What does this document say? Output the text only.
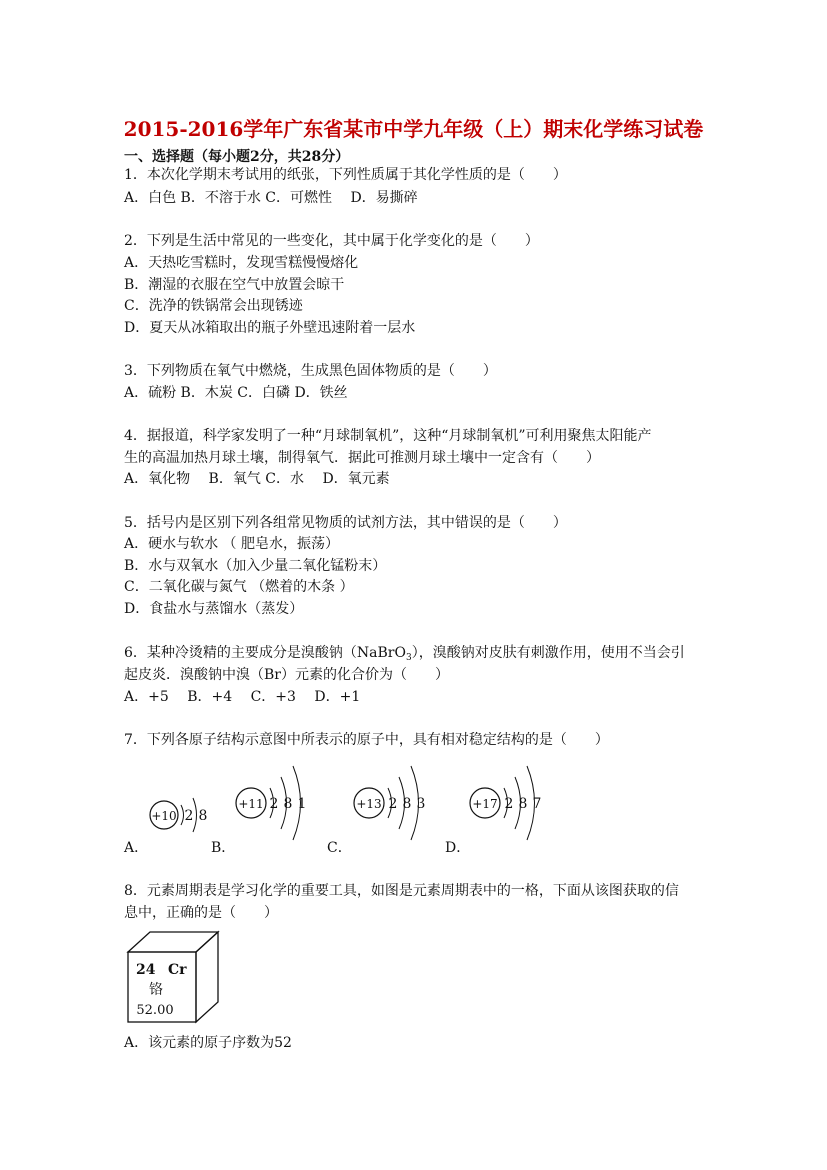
2015-2016学年广东省某市中学九年级（上）期末化学练习试卷
一、选择题（每小题2分，共28分）
1．本次化学期末考试用的纸张，下列性质属于其化学性质的是（　　）
A．白色 B．不溶于水 C．可燃性　 D．易撕碎
2．下列是生活中常见的一些变化，其中属于化学变化的是（　　）
A．天热吃雪糕时，发现雪糕慢慢熔化
B．潮湿的衣服在空气中放置会晾干
C．洗净的铁锅常会出现锈迹
D．夏天从冰箱取出的瓶子外壁迅速附着一层水
3．下列物质在氧气中燃烧，生成黑色固体物质的是（　　）
A．硫粉 B．木炭 C．白磷 D．铁丝
4．据报道，科学家发明了一种“月球制氧机”，这种“月球制氧机”可利用聚焦太阳能产
生的高温加热月球土壤，制得氧气．据此可推测月球土壤中一定含有（　　）
A．氧化物　 B．氧气 C．水　 D．氧元素
5．括号内是区别下列各组常见物质的试剂方法，其中错误的是（　　）
A．硬水与软水 （ 肥皂水，振荡）
B．水与双氧水（加入少量二氧化锰粉末）
C．二氧化碳与氮气 （燃着的木条 ）
D．食盐水与蒸馏水（蒸发）
6．某种冷烫精的主要成分是溴酸钠（NaBrO$_3$），溴酸钠对皮肤有刺激作用，使用不当会引
起皮炎．溴酸钠中溴（Br）元素的化合价为（　　）
A．+5　 B．+4　 C．+3　 D．+1
7．下列各原子结构示意图中所表示的原子中，具有相对稳定结构的是（　　）
+10 2 8
+11 2 8 1	+13 2 8 3	+17 2 8 7
A．	B．	C．	D．
8．元素周期表是学习化学的重要工具，如图是元素周期表中的一格，下面从该图获取的信
息中，正确的是（　　）
24 Cr
铬
52.00
A．该元素的原子序数为52
